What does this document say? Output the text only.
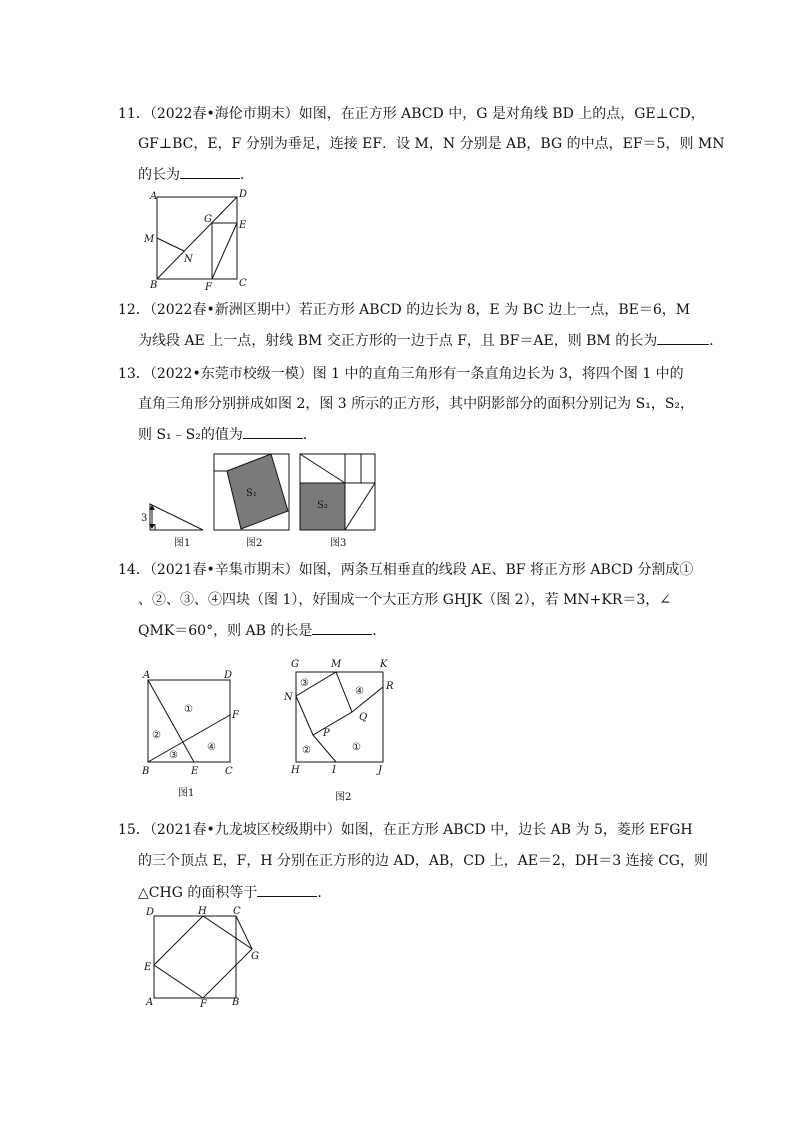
11．（2022春•海伦市期末）如图，在正方形 ABCD 中，G 是对角线 BD 上的点，GE⊥CD，
GF⊥BC，E，F 分别为垂足，连接 EF．设 M，N 分别是 AB，BG 的中点，EF＝5，则 MN
的长为	．
A	D
G
E
M
N
B	F	C
12．（2022春•新洲区期中）若正方形 ABCD 的边长为 8，E 为 BC 边上一点，BE＝6，M
为线段 AE 上一点，射线 BM 交正方形的一边于点 F，且 BF＝AE，则 BM 的长为	．
13．（2022•东莞市校级一模）图 1 中的直角三角形有一条直角边长为 3，将四个图 1 中的
直角三角形分别拼成如图 2，图 3 所示的正方形，其中阴影部分的面积分别记为 S₁，S₂，
则 S₁﹣S₂的值为	．
3
图1
S₁
图2
S₂
图3
14．（2021春•辛集市期末）如图，两条互相垂直的线段 AE、BF 将正方形 ABCD 分割成①
、②、③、④四块（图 1），好围成一个大正方形 GHJK（图 2），若 MN+KR＝3，∠
QMK＝60°，则 AB 的长是	．
A	D
①
F
②
③
④
B	E	C
图1
G	M	K
③
④
N
R
Q
P
②	①
H	I	J
图2
15．（2021春•九龙坡区校级期中）如图，在正方形 ABCD 中，边长 AB 为 5，菱形 EFGH
的三个顶点 E，F，H 分别在正方形的边 AD，AB，CD 上，AE＝2，DH＝3 连接 CG，则
△CHG 的面积等于	．
D	H	C
E
G
A	F	B
